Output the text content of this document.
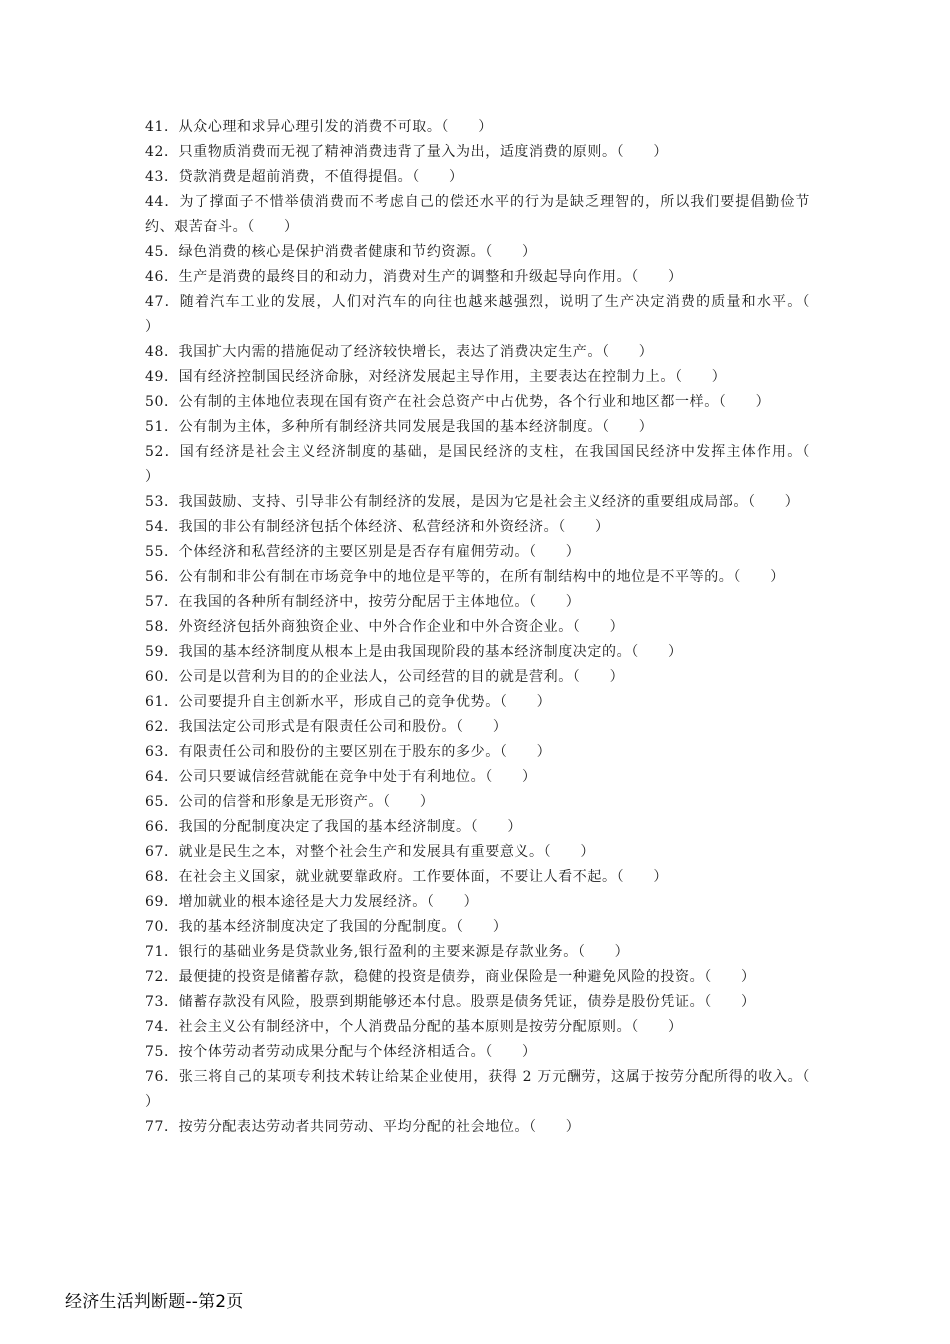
41．从众心理和求异心理引发的消费不可取。（　　）
42．只重物质消费而无视了精神消费违背了量入为出，适度消费的原则。（　　）
43．贷款消费是超前消费，不值得提倡。（　　）
44．为了撑面子不惜举债消费而不考虑自己的偿还水平的行为是缺乏理智的，所以我们要提倡勤俭节约、艰苦奋斗。（　　）
45．绿色消费的核心是保护消费者健康和节约资源。（　　）
46．生产是消费的最终目的和动力，消费对生产的调整和升级起导向作用。（　　）
47．随着汽车工业的发展，人们对汽车的向往也越来越强烈，说明了生产决定消费的质量和水平。（　　）
48．我国扩大内需的措施促动了经济较快增长，表达了消费决定生产。（　　）
49．国有经济控制国民经济命脉，对经济发展起主导作用，主要表达在控制力上。（　　）
50．公有制的主体地位表现在国有资产在社会总资产中占优势，各个行业和地区都一样。（　　）
51．公有制为主体，多种所有制经济共同发展是我国的基本经济制度。（　　）
52．国有经济是社会主义经济制度的基础，是国民经济的支柱，在我国国民经济中发挥主体作用。（　　）
53．我国鼓励、支持、引导非公有制经济的发展，是因为它是社会主义经济的重要组成局部。（　　）
54．我国的非公有制经济包括个体经济、私营经济和外资经济。（　　）
55．个体经济和私营经济的主要区别是是否存有雇佣劳动。（　　）
56．公有制和非公有制在市场竞争中的地位是平等的，在所有制结构中的地位是不平等的。（　　）
57．在我国的各种所有制经济中，按劳分配居于主体地位。（　　）
58．外资经济包括外商独资企业、中外合作企业和中外合资企业。（　　）
59．我国的基本经济制度从根本上是由我国现阶段的基本经济制度决定的。（　　）
60．公司是以营利为目的的企业法人，公司经营的目的就是营利。（　　）
61．公司要提升自主创新水平，形成自己的竞争优势。（　　）
62．我国法定公司形式是有限责任公司和股份。（　　）
63．有限责任公司和股份的主要区别在于股东的多少。（　　）
64．公司只要诚信经营就能在竞争中处于有利地位。（　　）
65．公司的信誉和形象是无形资产。（　　）
66．我国的分配制度决定了我国的基本经济制度。（　　）
67．就业是民生之本，对整个社会生产和发展具有重要意义。（　　）
68．在社会主义国家，就业就要靠政府。工作要体面，不要让人看不起。（　　）
69．增加就业的根本途径是大力发展经济。（　　）
70．我的基本经济制度决定了我国的分配制度。（　　）
71．银行的基础业务是贷款业务,银行盈利的主要来源是存款业务。（　　）
72．最便捷的投资是储蓄存款，稳健的投资是债券，商业保险是一种避免风险的投资。（　　）
73．储蓄存款没有风险，股票到期能够还本付息。股票是债务凭证，债券是股份凭证。（　　）
74．社会主义公有制经济中，个人消费品分配的基本原则是按劳分配原则。（　　）
75．按个体劳动者劳动成果分配与个体经济相适合。（　　）
76．张三将自己的某项专利技术转让给某企业使用，获得 2 万元酬劳，这属于按劳分配所得的收入。（　　）
77．按劳分配表达劳动者共同劳动、平均分配的社会地位。（　　）
经济生活判断题--第2页
